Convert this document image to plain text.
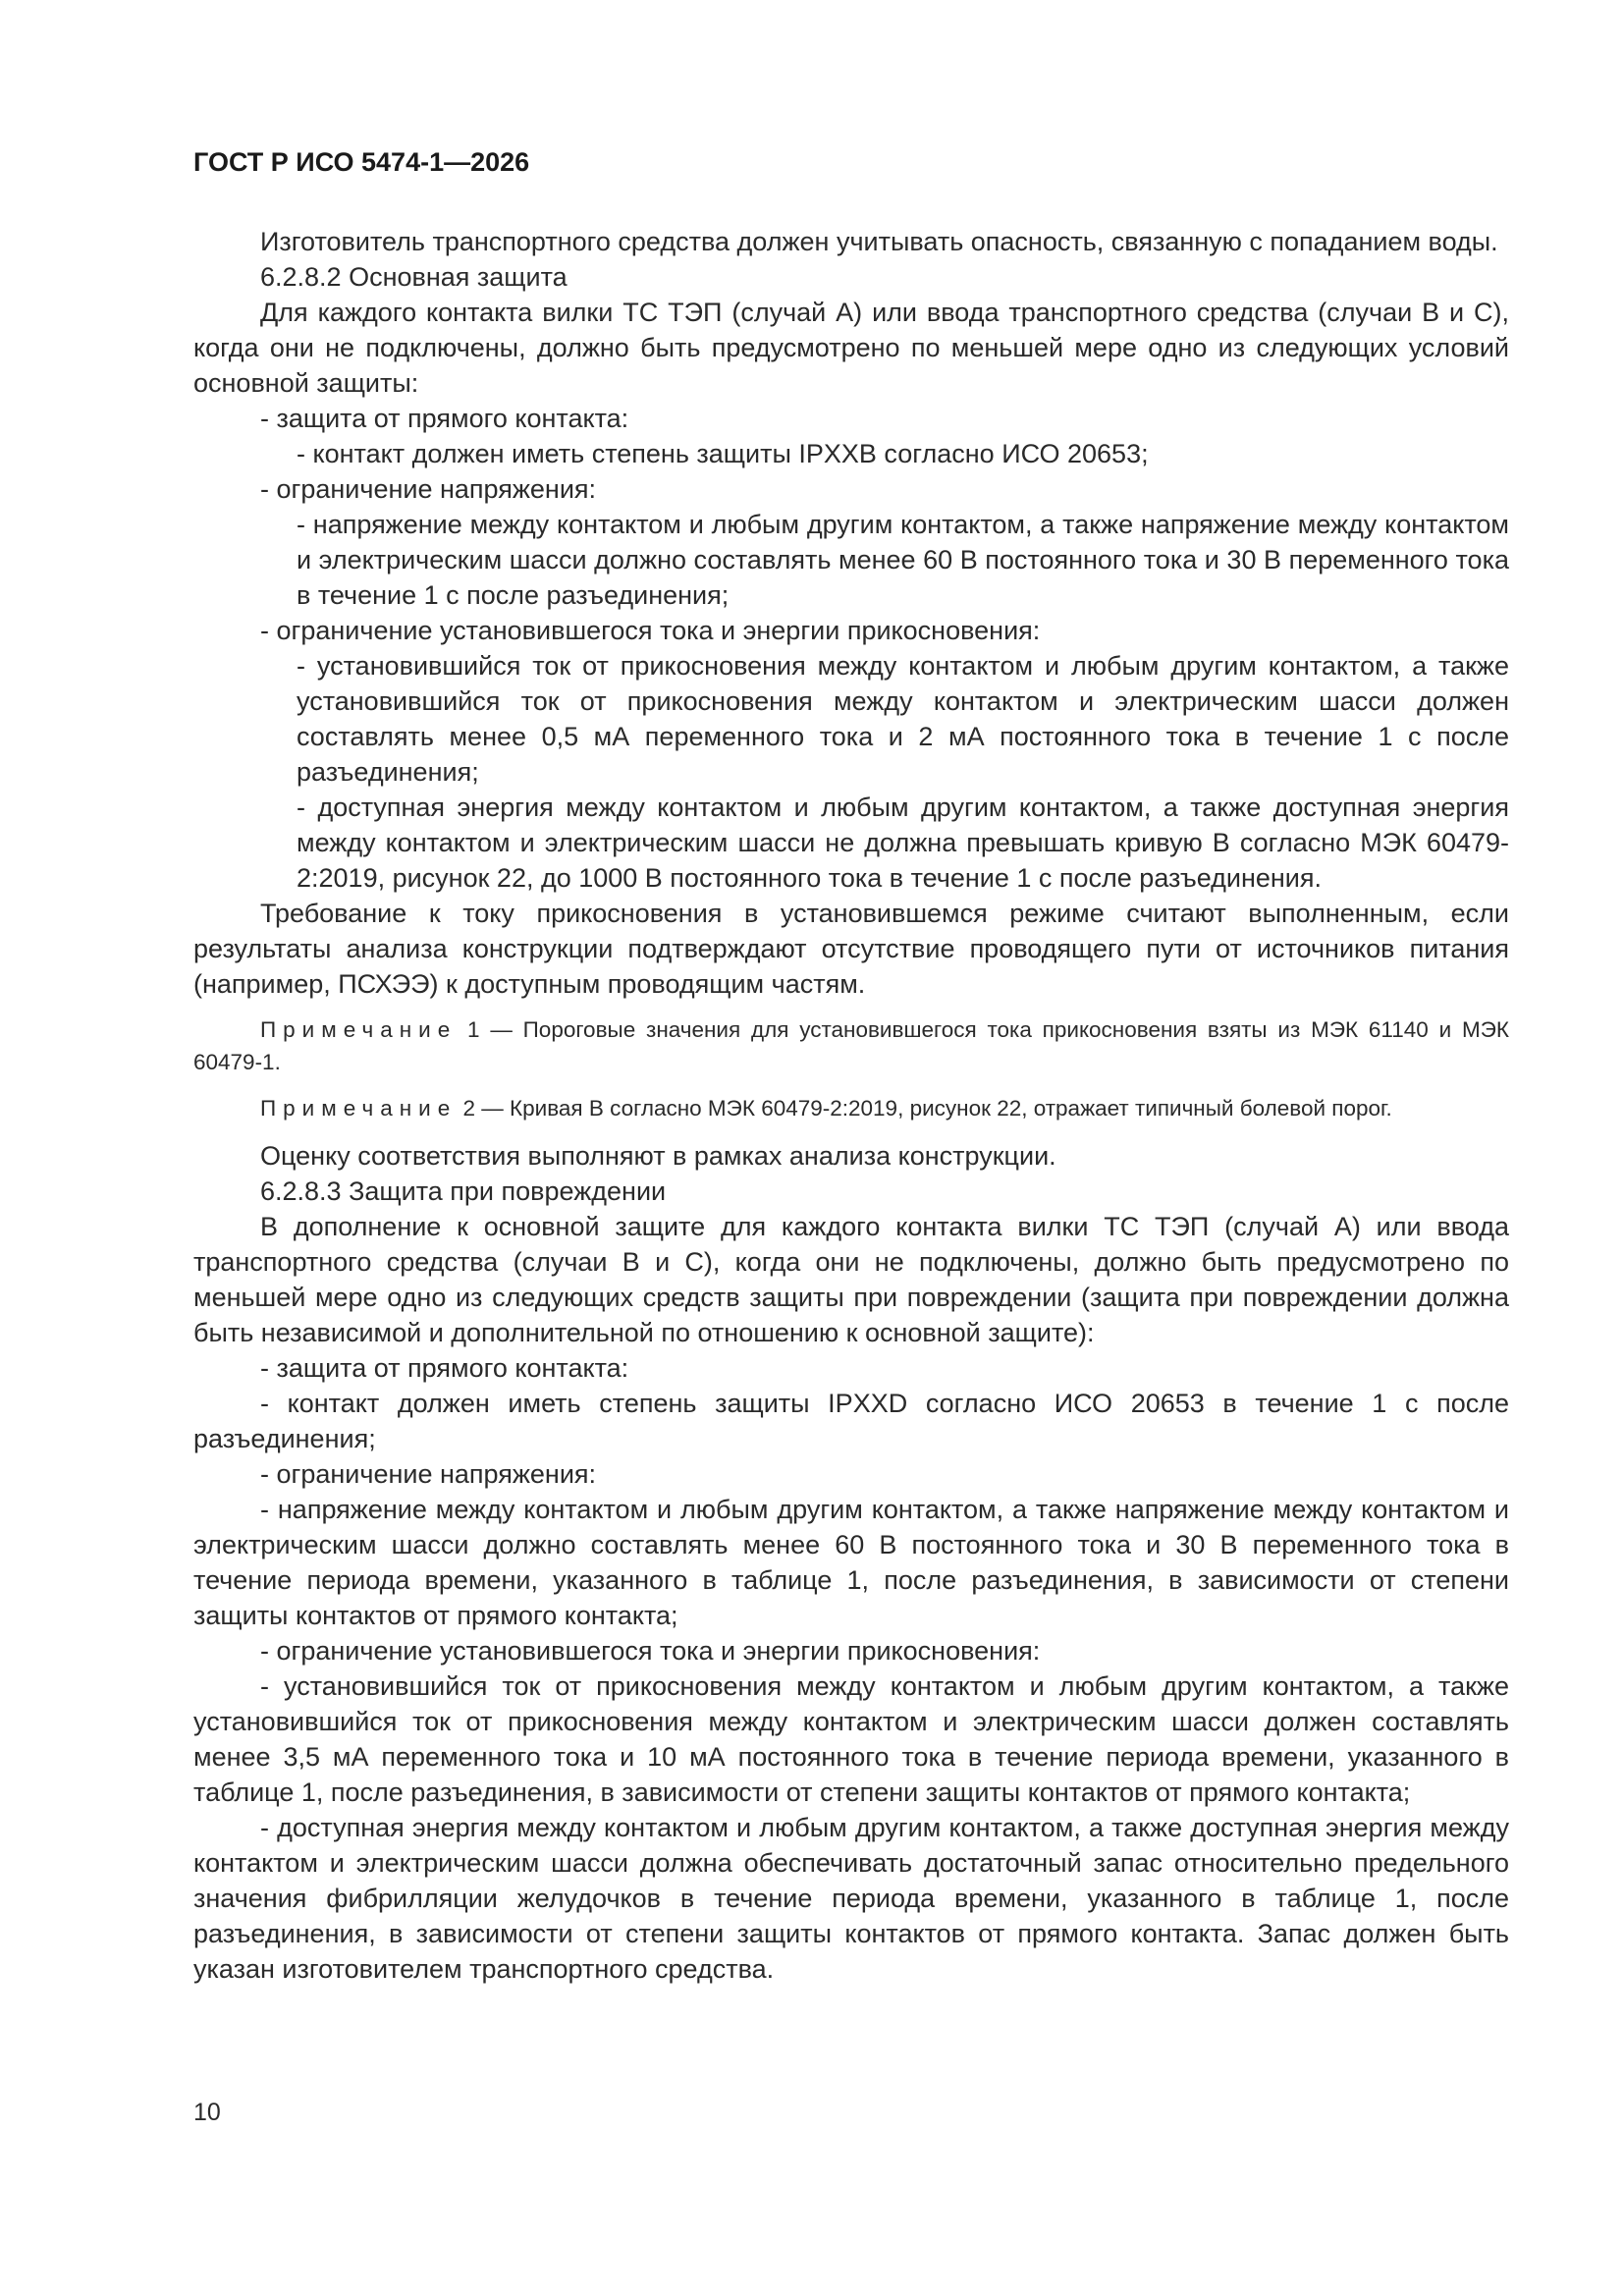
ГОСТ Р ИСО 5474-1—2026

Изготовитель транспортного средства должен учитывать опасность, связанную с попаданием воды.

6.2.8.2 Основная защита

Для каждого контакта вилки ТС ТЭП (случай А) или ввода транспортного средства (случаи В и С), когда они не подключены, должно быть предусмотрено по меньшей мере одно из следующих условий основной защиты:

- защита от прямого контакта:

- контакт должен иметь степень защиты IPXXB согласно ИСО 20653;

- ограничение напряжения:

- напряжение между контактом и любым другим контактом, а также напряжение между контактом и электрическим шасси должно составлять менее 60 В постоянного тока и 30 В переменного тока в течение 1 с после разъединения;

- ограничение установившегося тока и энергии прикосновения:

- установившийся ток от прикосновения между контактом и любым другим контактом, а также установившийся ток от прикосновения между контактом и электрическим шасси должен составлять менее 0,5 мА переменного тока и 2 мА постоянного тока в течение 1 с после разъединения;

- доступная энергия между контактом и любым другим контактом, а также доступная энергия между контактом и электрическим шасси не должна превышать кривую В согласно МЭК 60479-2:2019, рисунок 22, до 1000 В постоянного тока в течение 1 с после разъединения.

Требование к току прикосновения в установившемся режиме считают выполненным, если результаты анализа конструкции подтверждают отсутствие проводящего пути от источников питания (например, ПСХЭЭ) к доступным проводящим частям.

Примечание 1 — Пороговые значения для установившегося тока прикосновения взяты из МЭК 61140 и МЭК 60479-1.

Примечание 2 — Кривая В согласно МЭК 60479-2:2019, рисунок 22, отражает типичный болевой порог.

Оценку соответствия выполняют в рамках анализа конструкции.

6.2.8.3 Защита при повреждении

В дополнение к основной защите для каждого контакта вилки ТС ТЭП (случай А) или ввода транспортного средства (случаи В и С), когда они не подключены, должно быть предусмотрено по меньшей мере одно из следующих средств защиты при повреждении (защита при повреждении должна быть независимой и дополнительной по отношению к основной защите):

- защита от прямого контакта:

- контакт должен иметь степень защиты IPXXD согласно ИСО 20653 в течение 1 с после разъединения;

- ограничение напряжения:

- напряжение между контактом и любым другим контактом, а также напряжение между контактом и электрическим шасси должно составлять менее 60 В постоянного тока и 30 В переменного тока в течение периода времени, указанного в таблице 1, после разъединения, в зависимости от степени защиты контактов от прямого контакта;

- ограничение установившегося тока и энергии прикосновения:

- установившийся ток от прикосновения между контактом и любым другим контактом, а также установившийся ток от прикосновения между контактом и электрическим шасси должен составлять менее 3,5 мА переменного тока и 10 мА постоянного тока в течение периода времени, указанного в таблице 1, после разъединения, в зависимости от степени защиты контактов от прямого контакта;

- доступная энергия между контактом и любым другим контактом, а также доступная энергия между контактом и электрическим шасси должна обеспечивать достаточный запас относительно предельного значения фибрилляции желудочков в течение периода времени, указанного в таблице 1, после разъединения, в зависимости от степени защиты контактов от прямого контакта. Запас должен быть указан изготовителем транспортного средства.

10
